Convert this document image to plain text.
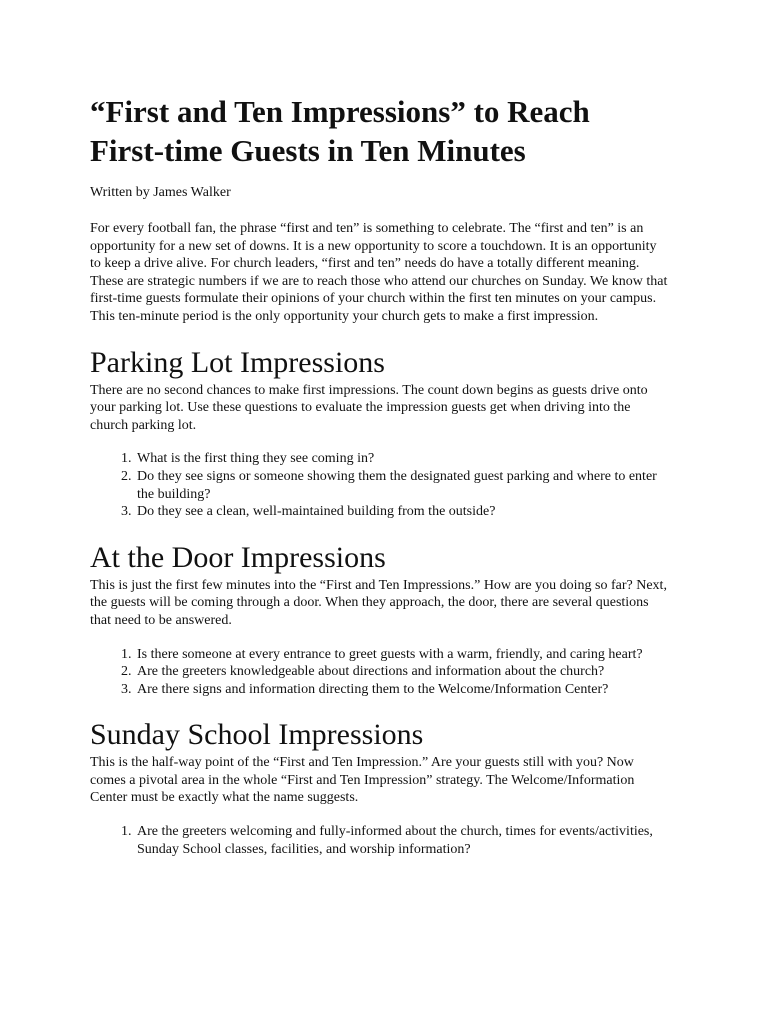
“First and Ten Impressions” to Reach First-time Guests in Ten Minutes

Written by James Walker

For every football fan, the phrase “first and ten” is something to celebrate. The “first and ten” is an opportunity for a new set of downs. It is a new opportunity to score a touchdown. It is an opportunity to keep a drive alive. For church leaders, “first and ten” needs do have a totally different meaning. These are strategic numbers if we are to reach those who attend our churches on Sunday. We know that first-time guests formulate their opinions of your church within the first ten minutes on your campus. This ten-minute period is the only opportunity your church gets to make a first impression.

Parking Lot Impressions

There are no second chances to make first impressions. The count down begins as guests drive onto your parking lot. Use these questions to evaluate the impression guests get when driving into the church parking lot.

1. What is the first thing they see coming in?
2. Do they see signs or someone showing them the designated guest parking and where to enter the building?
3. Do they see a clean, well-maintained building from the outside?
At the Door Impressions

This is just the first few minutes into the “First and Ten Impressions.” How are you doing so far? Next, the guests will be coming through a door. When they approach, the door, there are several questions that need to be answered.

1. Is there someone at every entrance to greet guests with a warm, friendly, and caring heart?
2. Are the greeters knowledgeable about directions and information about the church?
3. Are there signs and information directing them to the Welcome/Information Center?
Sunday School Impressions

This is the half-way point of the “First and Ten Impression.” Are your guests still with you? Now comes a pivotal area in the whole “First and Ten Impression” strategy. The Welcome/Information Center must be exactly what the name suggests.

1. Are the greeters welcoming and fully-informed about the church, times for events/activities, Sunday School classes, facilities, and worship information?
